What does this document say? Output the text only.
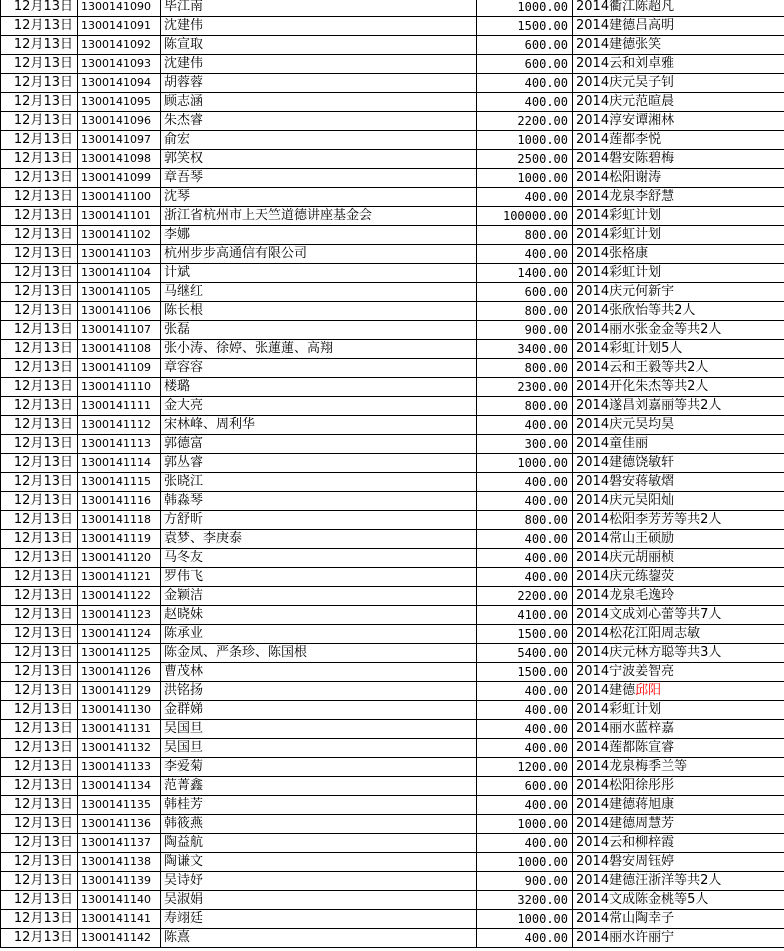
12月13日	1300141090	毕江南	1000.00	2014衢江陈超凡
12月13日	1300141091	沈建伟	1500.00	2014建德吕高明
12月13日	1300141092	陈宣取	600.00	2014建德张笑
12月13日	1300141093	沈建伟	600.00	2014云和刘卓雅
12月13日	1300141094	胡蓉蓉	400.00	2014庆元吴子钊
12月13日	1300141095	顾志涵	400.00	2014庆元范暄晨
12月13日	1300141096	朱杰睿	2200.00	2014淳安谭湘林
12月13日	1300141097	俞宏	1000.00	2014莲都李悦
12月13日	1300141098	郭笑权	2500.00	2014磐安陈碧梅
12月13日	1300141099	章吾琴	1000.00	2014松阳谢涛
12月13日	1300141100	沈琴	400.00	2014龙泉李舒慧
12月13日	1300141101	浙江省杭州市上天竺道德讲座基金会	100000.00	2014彩虹计划
12月13日	1300141102	李娜	800.00	2014彩虹计划
12月13日	1300141103	杭州步步高通信有限公司	400.00	2014张格康
12月13日	1300141104	计斌	1400.00	2014彩虹计划
12月13日	1300141105	马继红	600.00	2014庆元何新宇
12月13日	1300141106	陈长根	800.00	2014张欣怡等共2人
12月13日	1300141107	张磊	900.00	2014丽水张金金等共2人
12月13日	1300141108	张小涛、徐婷、张蓮蓮、高翔	3400.00	2014彩虹计划5人
12月13日	1300141109	章容容	800.00	2014云和王毅等共2人
12月13日	1300141110	楼璐	2300.00	2014开化朱杰等共2人
12月13日	1300141111	金大亮	800.00	2014遂昌刘嘉丽等共2人
12月13日	1300141112	宋林峰、周利华	400.00	2014庆元吴均昊
12月13日	1300141113	郭德富	300.00	2014童佳丽
12月13日	1300141114	郭丛睿	1000.00	2014建德饶敏轩
12月13日	1300141115	张晓江	400.00	2014磐安蒋敏熠
12月13日	1300141116	韩淼琴	400.00	2014庆元吴阳灿
12月13日	1300141118	方舒昕	800.00	2014松阳李芳芳等共2人
12月13日	1300141119	袁梦、李庚泰	400.00	2014常山王硕励
12月13日	1300141120	马冬友	400.00	2014庆元胡丽桢
12月13日	1300141121	罗伟飞	400.00	2014庆元练鋆荧
12月13日	1300141122	金颖洁	2200.00	2014龙泉毛逸玲
12月13日	1300141123	赵晓妹	4100.00	2014文成刘心蕾等共7人
12月13日	1300141124	陈承业	1500.00	2014松花江阳周志敏
12月13日	1300141125	陈金凤、严条珍、陈国根	5400.00	2014庆元林方聪等共3人
12月13日	1300141126	曹茂林	1500.00	2014宁波姜智亮
12月13日	1300141129	洪铭扬	400.00	2014建德邱阳
12月13日	1300141130	金群娣	400.00	2014彩虹计划
12月13日	1300141131	吴国旦	400.00	2014丽水蓝梓嘉
12月13日	1300141132	吴国旦	400.00	2014莲都陈宣睿
12月13日	1300141133	李爱菊	1200.00	2014龙泉梅季兰等
12月13日	1300141134	范菁鑫	600.00	2014松阳徐彤彤
12月13日	1300141135	韩桂芳	400.00	2014建德蒋旭康
12月13日	1300141136	韩筱燕	1000.00	2014建德周慧芳
12月13日	1300141137	陶益航	400.00	2014云和柳梓霞
12月13日	1300141138	陶谦文	1000.00	2014磐安周钰婷
12月13日	1300141139	吴诗妤	900.00	2014建德汪浙洋等共2人
12月13日	1300141140	吴淑娟	3200.00	2014文成陈金桃等5人
12月13日	1300141141	寿翊廷	1000.00	2014常山陶幸子
12月13日	1300141142	陈熹	400.00	2014丽水许丽宁
